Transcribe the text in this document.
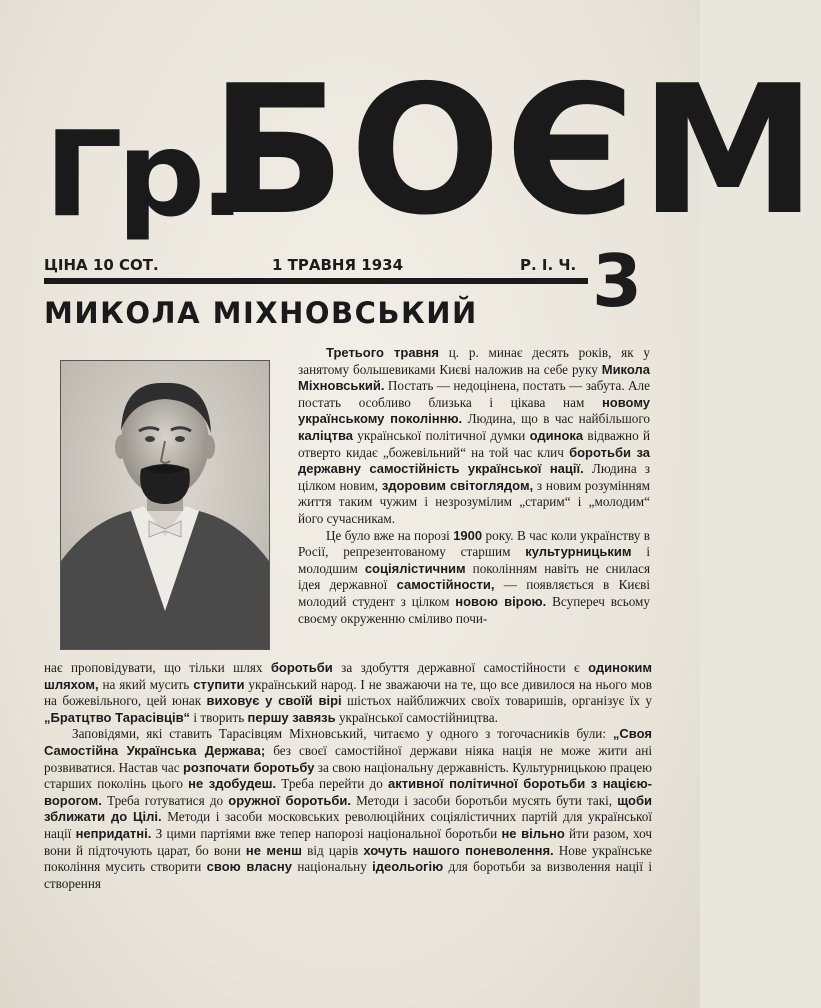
Гр.
БОЄМ
ЦІНА 10 СОТ.	1 ТРАВНЯ 1934	Р. І. Ч. 3
МИКОЛА МІХНОВСЬКИЙ

Третього травня ц. р. минає десять років, як у занятому большевиками Києві наложив на себе руку Микола Міхновський. Постать — недоцінена, постать — забута. Але постать особливо близька і цікава нам новому українському поколінню. Людина, що в час найбільшого каліцтва української політичної думки одинока відважно й отверто кидає „божевільний“ на той час клич боротьби за державну самостійність української нації. Людина з цілком новим, здоровим світоглядом, з новим розумінням життя таким чужим і незрозумілим „старим“ і „молодим“ його сучасникам.

Це було вже на порозі 1900 року. В час коли українству в Росії, репрезентованому старшим культурницьким і молодшим соціялістичним поколінням навіть не снилася ідея державної самостійности, — появляється в Києві молодий студент з цілком новою вірою. Всупереч всьому своєму окруженню сміливо почи-

нає проповідувати, що тільки шлях боротьби за здобуття державної самостійности є одиноким шляхом, на який мусить ступити український народ. І не зважаючи на те, що все дивилося на нього мов на божевільного, цей юнак виховує у своїй вірі шістьох найближчих своїх товаришів, організує їх у „Братцтво Тарасівців“ і творить першу завязь української самостійництва.

Заповідями, які ставить Тарасівцям Міхновський, читаємо у одного з тогочасників були: „Своя Самостійна Українська Держава; без своєї самостійної держави ніяка нація не може жити ані розвиватися. Настав час розпочати боротьбу за свою національну державність. Культурницькою працею старших поколінь цього не здобудеш. Треба перейти до активної політичної боротьби з нацією-ворогом. Треба готуватися до оружної боротьби. Методи і засоби боротьби мусять бути такі, щоби зближати до Цілі. Методи і засоби московських революційних соціялістичних партій для української нації непридатні. З цими партіями вже тепер напорозі національної боротьби не вільно йти разом, хоч вони й підточують царат, бо вони не менш від царів хочуть нашого поневолення. Нове українське покоління мусить створити свою власну національну ідеольогію для боротьби за визволення нації і створення
